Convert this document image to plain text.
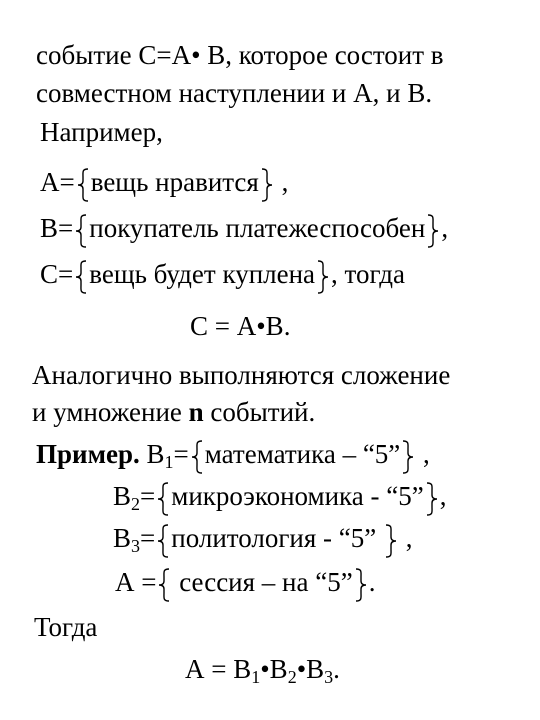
событие С=А• В, которое состоит в
совместном наступлении и А, и В.
Например,
А= вещь нравится
,
В= покупатель платежеспособен ,
С= вещь будет куплена , тогда
С = А•В.
Аналогично выполняются сложение
и умножение n событий.
Пример. $В_1=$ математика – “5”
,
$В_2=$ микроэкономика - “5” ,
$В_3=$ политология - “5”
,
А =
сессия – на “5” .
Тогда
$А = В_1•В_2•В_3$.
